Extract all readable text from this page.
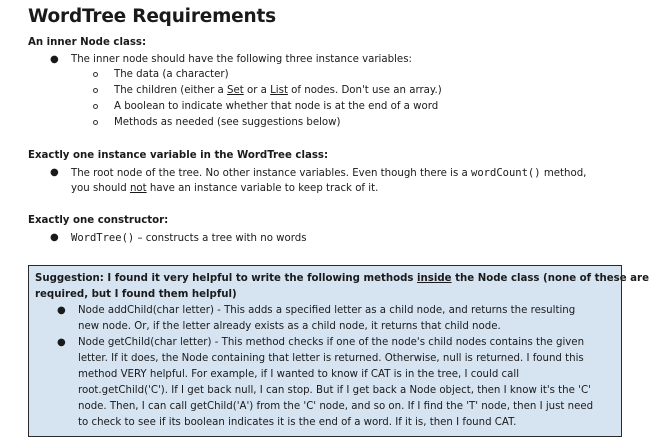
WordTree Requirements
An inner Node class:
● The inner node should have the following three instance variables:
The data (a character)
The children (either a Set or a List of nodes. Don't use an array.)
A boolean to indicate whether that node is at the end of a word
Methods as needed (see suggestions below)
Exactly one instance variable in the WordTree class:
● The root node of the tree. No other instance variables. Even though there is a wordCount() method,
you should not have an instance variable to keep track of it.
Exactly one constructor:
● WordTree() – constructs a tree with no words
Suggestion: I found it very helpful to write the following methods inside the Node class (none of these are
required, but I found them helpful)
● Node addChild(char letter) - This adds a specified letter as a child node, and returns the resulting
new node. Or, if the letter already exists as a child node, it returns that child node.
● Node getChild(char letter) - This method checks if one of the node's child nodes contains the given
letter. If it does, the Node containing that letter is returned. Otherwise, null is returned. I found this
method VERY helpful. For example, if I wanted to know if CAT is in the tree, I could call
root.getChild('C'). If I get back null, I can stop. But if I get back a Node object, then I know it's the 'C'
node. Then, I can call getChild('A') from the 'C' node, and so on. If I find the 'T' node, then I just need
to check to see if its boolean indicates it is the end of a word. If it is, then I found CAT.
